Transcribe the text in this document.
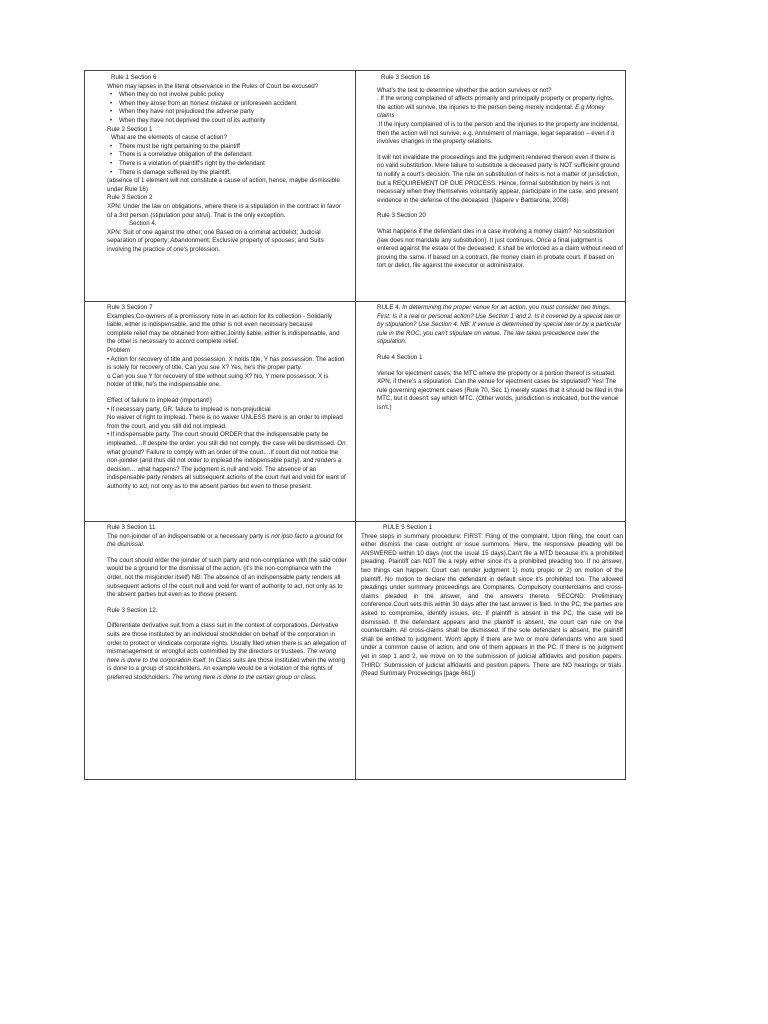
Rule 1 Section 6

When may lapses in the literal observance in the Rules of Court be excused?

• When they do not involve public policy
• When they arose from an honest mistake or unforeseen accident
• When they have not prejudiced the adverse party
• When they have not deprived the court of its authority

Rule 2 Section 1

What are the elements of cause of action?

• There must be right pertaining to the plaintiff
• There is a correlative obligation of the defendant
• There is a violation of plaintiff's right by the defendant
• There is damage suffered by the plaintiff.

(absence of 1 element will not constitute a cause of action, hence, maybe dismissible under Rule 16)

Rule 3 Section 2

XPN: Under the law on obligations, where there is a stipulation in the contract in favor of a 3rd person (stipulation pour atrui). That is the only exception.

Section 4.

XPN: Suit of one against the other; one Based on a criminal act/delict; Judicial separation of property; Abandonment; Exclusive property of spouses; and Suits involving the practice of one's profession.

Rule 3 Section 16

What's the test to determine whether the action survives or not?

. If the wrong complained of affects primarily and principally property or property rights, the action will survive, the injuries to the person being merely incidental. E.g Money claims

.If the injury complained of is to the person and the injuries to the property are incidental, then the action will not survive. e.g. Annulment of marriage, legal separation – even if it involves changes in the property relations.

It will not invalidate the proceedings and the judgment rendered thereon even if there is no valid substitution. Mere failure to substitute a deceased party is NOT sufficient ground to nullify a court's decision. The rule on substitution of heirs is not a matter of jurisdiction, but a REQUIREMENT OF DUE PROCESS. Hence, formal substitution by heirs is not necessary when they themselves voluntarily appear, participate in the case, and present evidence in the defense of the deceased. (Napere v Barbarona, 2008)

Rule 3 Section 20

What happens if the defendant dies in a case involving a money claim? No substitution (law does not mandate any substitution). It just continues. Once a final judgment is entered against the estate of the deceased, it shall be enforced as a claim without need of proving the same. If based on a contract, file money claim in probate court. If based on tort or delict, file against the executor or administrator.

Rule 3 Section 7

Examples:Co-owners of a promissory note in an action for its collection - Solidarily liable, either is indispensable, and the other is not even necessary because

complete relief may be obtained from either.Jointly liable, either is indispensable, and the other is necessary to accord complete relief.

Problem

• Action for recovery of title and possession. X holds title, Y has possession. The action is solely for recovery of title. Can you sue X? Yes, he's the proper party.

o Can you sue Y for recovery of title without suing X? No, Y mere possessor. X is holder of title, he's the indispensable one.

Effect of failure to implead (important!)

• If necessary party, GR: failure to implead is non-prejudicial

No waiver of right to implead. There is no waiver UNLESS there is an order to implead from the court, and you still did not implead.

• If indispensable party. The court should ORDER that the indispensable party be impleaded. ..If despite the order, you still did not comply, the case will be dismissed. On what ground? Failure to comply with an order of the court. ..If court did not notice the non-joinder (and thus did not order to implead the indispensable party), and renders a decision… what happens? The judgment is null and void. The absence of an indispensable party renders all subsequent actions of the court null and void for want of authority to act, not only as to the absent parties but even to those present.

RULE 4. In determining the proper venue for an action, you must consider two things. First: Is it a real or personal action? Use Section 1 and 2. Is it covered by a special law or by stipulation? Use Section 4. NB: If venue is determined by special law or by a particular rule in the ROC, you can't stipulate on venue. The law takes precedence over the stipulation.

Rule 4 Section 1

Venue for ejectment cases; the MTC where the property or a portion thereof is situated. XPN, if there's a stipulation. Can the venue for ejectment cases be stipulated? Yes! The rule governing ejectment cases (Rule 70, Sec 1) merely states that it should be filed in the MTC, but it doesn't say which MTC. (Other words, jurisdiction is indicated, but the venue isn't.)

Rule 3 Section 11

The non-joinder of an indispensable or a necessary party is not ipso facto a ground for the dismissal.

The court should order the joinder of such party and non-compliance with the said order would be a ground for the dismissal of the action. (it's the non-compliance with the order, not the misjoinder itself) NB: The absence of an indispensable party renders all subsequent actions of the court null and void for want of authority to act, not only as to the absent parties but even as to those present.

Rule 3 Section 12.

Differentiate derivative suit from a class suit in the context of corporations. Derivative suits are those instituted by an individual stockholder on behalf of the corporation in order to protect or vindicate corporate rights. Usually filed when there is an allegation of mismanagement or wrongful acts committed by the directors or trustees. The wrong here is done to the corporation itself. In Class suits are those instituted when the wrong is done to a group of stockholders. An example would be a violation of the rights of preferred stockholders. The wrong here is done to the certain group or class.

RULE 5 Section 1

Three steps in summary procedure: FIRST: Filing of the complaint. Upon filing, the court can either dismiss the case outright or issue summons. Here, the responsive pleading will be ANSWERED within 10 days (not the usual 15 days).Can't file a MTD because it's a prohibited pleading. Plaintiff can NOT file a reply either since it's a prohibited pleading too. If no answer, two things can happen: Court can render judgment 1) motu propio or 2) on motion of the plaintiff. No motion to declare the defendant in default since it's prohibited too. The allowed pleadings under summary proceedings are Complaints, Compulsory counterclaims and cross-claims pleaded in the answer, and the answers thereto. SECOND: Preliminary conference.Court sets this within 30 days after the last answer is filed. In the PC, the parties are asked to compromise, identify issues, etc. If plaintiff is absent in the PC, the case will be dismissed. If the defendant appears and the plaintiff is absent, the court can rule on the counterclaim. All cross-claims shall be dismissed. If the sole defendant is absent, the plaintiff shall be entitled to judgment. Won't apply if there are two or more defendants who are sued under a common cause of action, and one of them appears in the PC. If there is no judgment yet in step 1 and 2, we move on to the submission of judicial affidavits and position papers. THIRD: Submission of judicial affidavits and position papers. There are NO hearings or trials. (Read Summary Proceedings [page 661])
